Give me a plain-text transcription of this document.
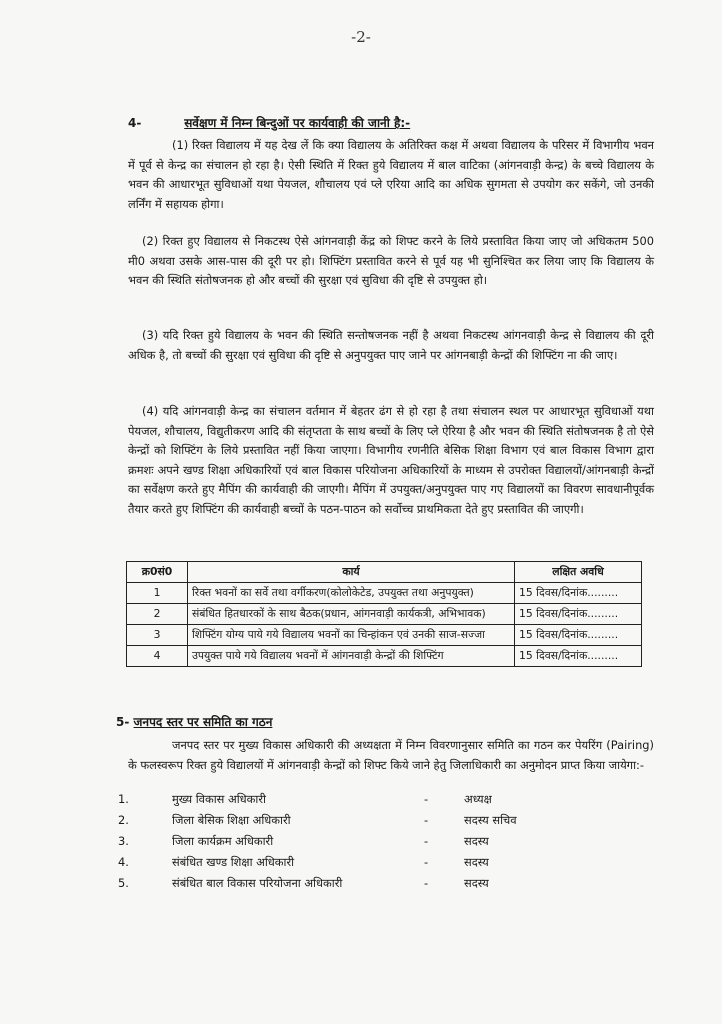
-2-
4-	सर्वेक्षण में निम्न बिन्दुओं पर कार्यवाही की जानी है:-
(1) रिक्त विद्यालय में यह देख लें कि क्या विद्यालय के अतिरिक्त कक्ष में अथवा विद्यालय के परिसर में विभागीय भवन में पूर्व से केन्द्र का संचालन हो रहा है। ऐसी स्थिति में रिक्त हुये विद्यालय में बाल वाटिका (आंगनवाड़ी केन्द्र) के बच्चे विद्यालय के भवन की आधारभूत सुविधाओं यथा पेयजल, शौचालय एवं प्ले एरिया आदि का अधिक सुगमता से उपयोग कर सकेंगे, जो उनकी लर्निंग में सहायक होगा।
(2) रिक्त हुए विद्यालय से निकटस्थ ऐसे आंगनवाड़ी केंद्र को शिफ्ट करने के लिये प्रस्तावित किया जाए जो अधिकतम 500 मी0 अथवा उसके आस-पास की दूरी पर हो। शिफ्टिंग प्रस्तावित करने से पूर्व यह भी सुनिश्चित कर लिया जाए कि विद्यालय के भवन की स्थिति संतोषजनक हो और बच्चों की सुरक्षा एवं सुविधा की दृष्टि से उपयुक्त हो।
(3) यदि रिक्त हुये विद्यालय के भवन की स्थिति सन्तोषजनक नहीं है अथवा निकटस्थ आंगनवाड़ी केन्द्र से विद्यालय की दूरी अधिक है, तो बच्चों की सुरक्षा एवं सुविधा की दृष्टि से अनुपयुक्त पाए जाने पर आंगनबाड़ी केन्द्रों की शिफ्टिंग ना की जाए।
(4) यदि आंगनवाड़ी केन्द्र का संचालन वर्तमान में बेहतर ढंग से हो रहा है तथा संचालन स्थल पर आधारभूत सुविधाओं यथा पेयजल, शौचालय, विद्युतीकरण आदि की संतृप्तता के साथ बच्चों के लिए प्ले ऐरिया है और भवन की स्थिति संतोषजनक है तो ऐसे केन्द्रों को शिफ्टिंग के लिये प्रस्तावित नहीं किया जाएगा। विभागीय रणनीति बेसिक शिक्षा विभाग एवं बाल विकास विभाग द्वारा क्रमशः अपने खण्ड शिक्षा अधिकारियों एवं बाल विकास परियोजना अधिकारियों के माध्यम से उपरोक्त विद्यालयों/आंगनबाड़ी केन्द्रों का सर्वेक्षण करते हुए मैपिंग की कार्यवाही की जाएगी। मैपिंग में उपयुक्त/अनुपयुक्त पाए गए विद्यालयों का विवरण सावधानीपूर्वक तैयार करते हुए शिफ्टिंग की कार्यवाही बच्चों के पठन-पाठन को सर्वोच्च प्राथमिकता देते हुए प्रस्तावित की जाएगी।
क्र0सं0	कार्य	लक्षित अवधि
1	रिक्त भवनों का सर्वे तथा वर्गीकरण(कोलोकेटेड, उपयुक्त तथा अनुपयुक्त)	15 दिवस/दिनांक.........
2	संबंधित हितधारकों के साथ बैठक(प्रधान, आंगनवाड़ी कार्यकत्री, अभिभावक)	15 दिवस/दिनांक.........
3	शिफ्टिंग योग्य पाये गये विद्यालय भवनों का चिन्हांकन एवं उनकी साज-सज्जा	15 दिवस/दिनांक.........
4	उपयुक्त पाये गये विद्यालय भवनों में आंगनवाड़ी केन्द्रों की शिफ्टिंग	15 दिवस/दिनांक.........
5- जनपद स्तर पर समिति का गठन
जनपद स्तर पर मुख्य विकास अधिकारी की अध्यक्षता में निम्न विवरणानुसार समिति का गठन कर पेयरिंग (Pairing) के फलस्वरूप रिक्त हुये विद्यालयों में आंगनवाड़ी केन्द्रों को शिफ्ट किये जाने हेतु जिलाधिकारी का अनुमोदन प्राप्त किया जायेगा:-
1.	मुख्य विकास अधिकारी	-	अध्यक्ष
2.	जिला बेसिक शिक्षा अधिकारी	-	सदस्य सचिव
3.	जिला कार्यक्रम अधिकारी	-	सदस्य
4.	संबंधित खण्ड शिक्षा अधिकारी	-	सदस्य
5.	संबंधित बाल विकास परियोजना अधिकारी	-	सदस्य
